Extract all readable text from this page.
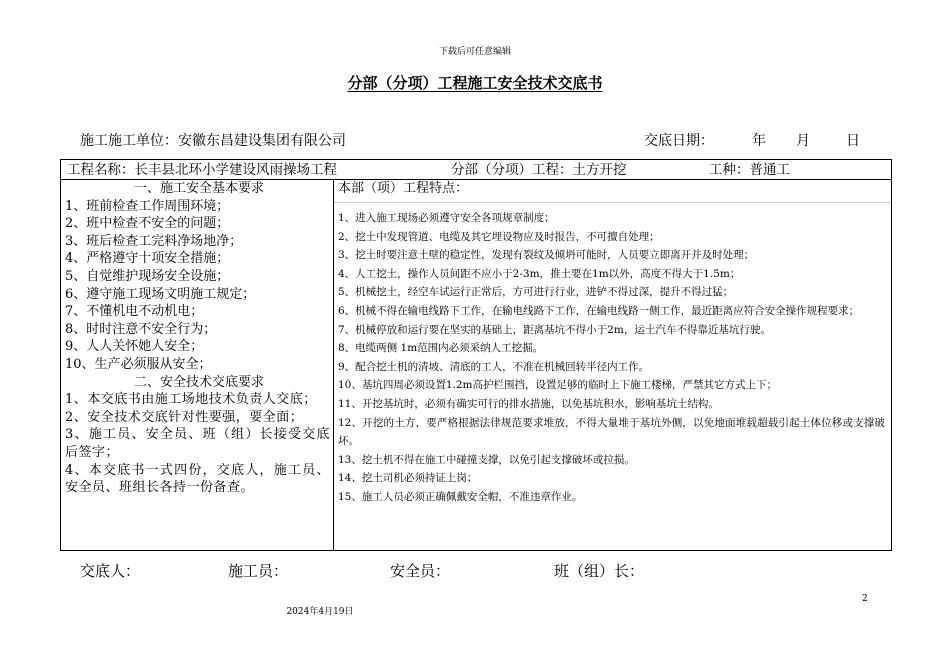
下载后可任意编辑
分部（分项）工程施工安全技术交底书
施工施工单位：安徽东昌建设集团有限公司	交底日期：	年 月	日
工程名称：长丰县北环小学建设风雨操场工程	分部（分项）工程：土方开挖	工种：普通工
一、施工安全基本要求
1、班前检查工作周围环境；
2、班中检查不安全的问题；
3、班后检查工完料净场地净；
4、严格遵守十项安全措施；
5、自觉维护现场安全设施；
6、遵守施工现场文明施工规定；
7、不懂机电不动机电；
8、时时注意不安全行为；
9、人人关怀她人安全；
10、生产必须服从安全；
二、安全技术交底要求
1、本交底书由施工场地技术负责人交底；
2、安全技术交底针对性要强，要全面；
3、施工员、安全员、班（组）长接受交底后签字；
4、本交底书一式四份，交底人，施工员、安全员、班组长各持一份备查。
本部（项）工程特点：
1、进入施工现场必须遵守安全各项规章制度；
2、挖土中发现管道、电缆及其它埋设物应及时报告，不可擅自处理；
3、挖土时要注意土壁的稳定性，发现有裂纹及倾坍可能时，人员要立即离开并及时处理；
4、人工挖土，操作人员间距不应小于2-3m，推土要在1m以外，高度不得大于1.5m；
5、机械挖土，经空车试运行正常后，方可进行行业，进铲不得过深，提升不得过猛；
6、机械不得在输电线路下工作，在输电线路下工作，在输电线路一侧工作，最近距离应符合安全操作规程要求；
7、机械停放和运行要在坚实的基础上，距离基坑不得小于2m，运土汽车不得靠近基坑行驶。
8、电缆两侧 1m范围内必须采纳人工挖掘。
9、配合挖土机的清坡、清底的工人，不准在机械回转半径内工作。
10、基坑四周必须设置1.2m高护栏围挡，设置足够的临时上下施工楼梯，严禁其它方式上下；
11、开挖基坑时，必须有确实可行的排水措施，以免基坑积水，影响基坑土结构。
12、开挖的土方，要严格根据法律规范要求堆放，不得大量堆于基坑外侧，以免地面堆载超载引起土体位移或支撑破坏。
13、挖土机不得在施工中碰撞支撑，以免引起支撑破坏或拉损。
14、挖土司机必须持证上岗；
15、施工人员必须正确佩戴安全帽，不准违章作业。
交底人：	施工员：	安全员：	班（组）长：
2024年4月19日
2
